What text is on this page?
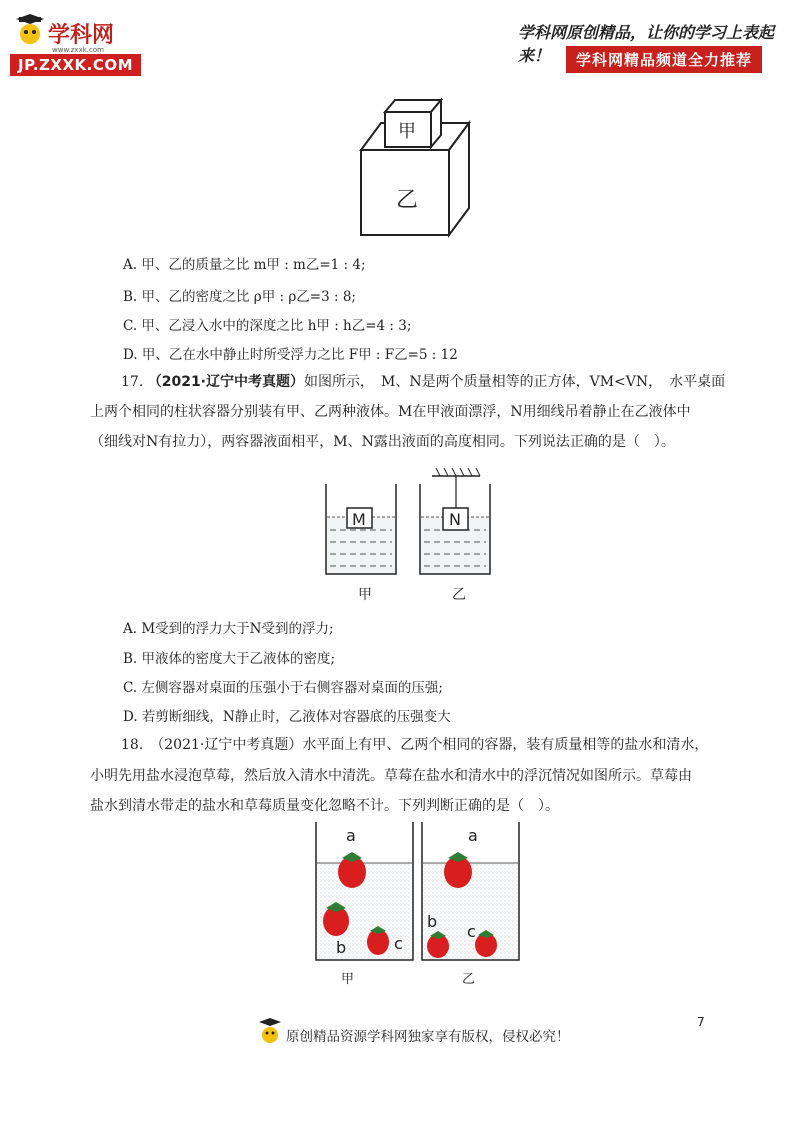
学科网
www.zxxk.com
JP.ZXXK.COM
学科网原创精品，让你的学习上表起来！	学科网精品频道全力推荐
甲
乙
A. 甲、乙的质量之比 m甲 : m乙=1 : 4;
B. 甲、乙的密度之比 ρ甲 : ρ乙=3 : 8;
C. 甲、乙浸入水中的深度之比 h甲 : h乙=4 : 3;
D. 甲、乙在水中静止时所受浮力之比 F甲 : F乙=5 : 12
17. （2021·辽宁中考真题）如图所示，　M、N是两个质量相等的正方体，VM<VN，　水平桌面
上两个相同的柱状容器分别装有甲、乙两种液体。M在甲液面漂浮，N用细线吊着静止在乙液体中
（细线对N有拉力），两容器液面相平，M、N露出液面的高度相同。下列说法正确的是（　）。
M	N
甲	乙
A. M受到的浮力大于N受到的浮力;
B. 甲液体的密度大于乙液体的密度;
C. 左侧容器对桌面的压强小于右侧容器对桌面的压强;
D. 若剪断细线，N静止时，乙液体对容器底的压强变大
18.　（2021·辽宁中考真题）水平面上有甲、乙两个相同的容器，装有质量相等的盐水和清水，
小明先用盐水浸泡草莓，然后放入清水中清洗。草莓在盐水和清水中的浮沉情况如图所示。草莓由
盐水到清水带走的盐水和草莓质量变化忽略不计。下列判断正确的是（　）。
a
b	c
a
b
c
甲	乙
7
原创精品资源学科网独家享有版权，侵权必究！
